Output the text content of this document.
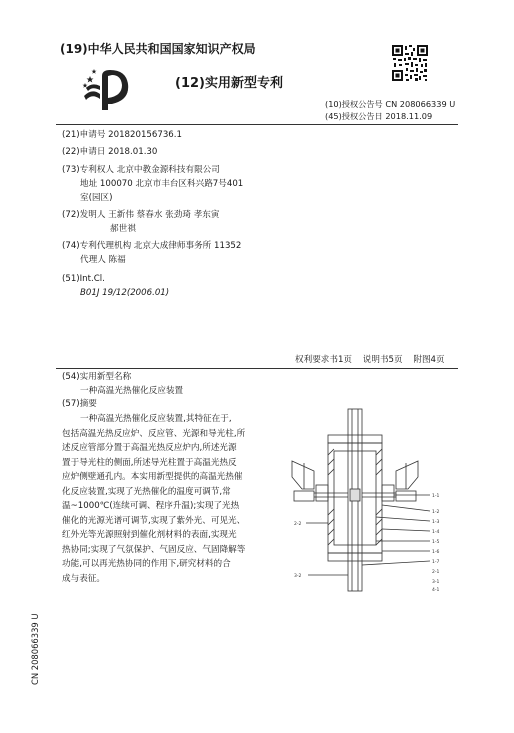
(19)中华人民共和国国家知识产权局
(12)实用新型专利
(10)授权公告号 CN 208066339 U
(45)授权公告日 2018.11.09
(21)申请号 201820156736.1
(22)申请日 2018.01.30
(73)专利权人 北京中教金源科技有限公司
地址 100070 北京市丰台区科兴路7号401
室(园区)
(72)发明人 王新伟 蔡春水 张劲琦 孝东寅
郝世祺
(74)专利代理机构 北京大成律师事务所 11352
代理人 陈福
(51)Int.Cl.
B01J 19/12(2006.01)
权利要求书1页 说明书5页 附图4页
(54)实用新型名称
一种高温光热催化反应装置
(57)摘要
一种高温光热催化反应装置,其特征在于,
包括高温光热反应炉、反应管、光源和导光柱,所
述反应管部分置于高温光热反应炉内,所述光源
置于导光柱的侧面,所述导光柱置于高温光热反
应炉侧壁通孔内。本实用新型提供的高温光热催
化反应装置,实现了光热催化的温度可调节,常
温~1000℃(连续可调、程序升温);实现了光热
催化的光源光谱可调节,实现了紫外光、可见光、
红外光等光源照射到催化剂材料的表面,实现光
热协同;实现了气氛保护、气固反应、气固降解等
功能,可以再光热协同的作用下,研究材料的合
成与表征。
CN 208066339 U
1-1
1-2
1-3
1-4
1-5
1-6
1-7
2-1
2-2
3-1
3-2
4-1
